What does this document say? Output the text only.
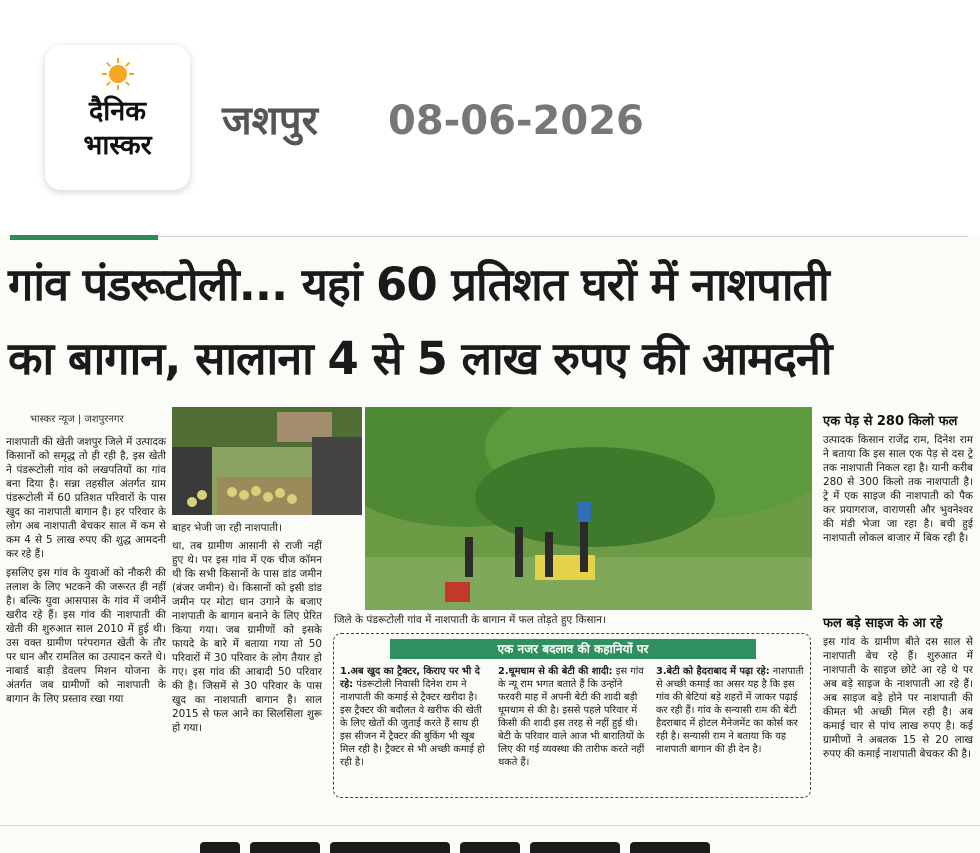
दैनिक
भास्कर
जशपुर 08-06-2026
गांव पंडरूटोली... यहां 60 प्रतिशत घरों में नाशपाती
का बागान, सालाना 4 से 5 लाख रुपए की आमदनी
भास्कर न्यूज | जशपुरनगर

नाशपाती की खेती जशपुर जिले में उत्पादक किसानों को समृद्ध तो ही रही है, इस खेती ने पंडरूटोली गांव को लखपतियों का गांव बना दिया है। सन्ना तहसील अंतर्गत ग्राम पंडरूटोली में 60 प्रतिशत परिवारों के पास खुद का नाशपाती बागान है। हर परिवार के लोग अब नाशपाती बेचकर साल में कम से कम 4 से 5 लाख रुपए की शुद्ध आमदनी कर रहे हैं।

इसलिए इस गांव के युवाओं को नौकरी की तलाश के लिए भटकने की जरूरत ही नहीं है। बल्कि युवा आसपास के गांव में जमीनें खरीद रहे हैं। इस गांव की नाशपाती की खेती की शुरुआत साल 2010 में हुई थी। उस वक्त ग्रामीण परंपरागत खेती के तौर पर धान और रामतिल का उत्पादन करते थे। नाबार्ड बाड़ी डेवलप मिशन योजना के अंतर्गत जब ग्रामीणों को नाशपाती के बागान के लिए प्रस्ताव रखा गया

बाहर भेजी जा रही नाशपाती।
जिले के पंडरूटोली गांव में नाशपाती के बागान में फल तोड़ते हुए किसान।

था, तब ग्रामीण आसानी से राजी नहीं हुए थे। पर इस गांव में एक चीज कॉमन थी कि सभी किसानों के पास डांड जमीन (बंजर जमीन) थे। किसानों को इसी डांड जमीन पर मोटा धान उगाने के बजाए नाशपाती के बागान बनाने के लिए प्रेरित किया गया। जब ग्रामीणों को इसके फायदे के बारे में बताया गया तो 50 परिवारों में 30 परिवार के लोग तैयार हो गए। इस गांव की आबादी 50 परिवार की है। जिसमें से 30 परिवार के पास खुद का नाशपाती बागान है। साल 2015 से फल आने का सिलसिला शुरू हो गया।

एक पेड़ से 280 किलो फल

उत्पादक किसान राजेंद्र राम, दिनेश राम ने बताया कि इस साल एक पेड़ से दस ट्रे तक नाशपाती निकल रहा है। यानी करीब 280 से 300 किलो तक नाशपाती है। ट्रे में एक साइज की नाशपाती को पैक कर प्रयागराज, वाराणसी और भुवनेश्वर की मंडी भेजा जा रहा है। बची हुई नाशपाती लोकल बाजार में बिक रही है।

फल बड़े साइज के आ रहे

इस गांव के ग्रामीण बीते दस साल से नाशपाती बेच रहे हैं। शुरुआत में नाशपाती के साइज छोटे आ रहे थे पर अब बड़े साइज के नाशपाती आ रहे हैं। अब साइज बड़े होने पर नाशपाती की कीमत भी अच्छी मिल रही है। अब कमाई चार से पांच लाख रुपए है। कई ग्रामीणों ने अबतक 15 से 20 लाख रुपए की कमाई नाशपाती बेचकर की है।

एक नजर बदलाव की कहानियों पर
1.अब खुद का ट्रैक्टर, किराए पर भी दे रहे: पंडरूटोली निवासी दिनेश राम ने नाशपाती की कमाई से ट्रैक्टर खरीदा है। इस ट्रैक्टर की बदौलत वे खरीफ की खेती के लिए खेतों की जुताई करते हैं साथ ही इस सीजन में ट्रैक्टर की बुकिंग भी खूब मिल रही है। ट्रैक्टर से भी अच्छी कमाई हो रही है।
2.धूमधाम से की बेटी की शादी: इस गांव के न्यू राम भगत बताते हैं कि उन्होंने फरवरी माह में अपनी बेटी की शादी बड़ी धूमधाम से की है। इससे पहले परिवार में किसी की शादी इस तरह से नहीं हुई थी। बेटी के परिवार वाले आज भी बारातियों के लिए की गई व्यवस्था की तारीफ करते नहीं थकते हैं।
3.बेटी को हैदराबाद में पढ़ा रहे: नाशपाती से अच्छी कमाई का असर यह है कि इस गांव की बेटियां बड़े शहरों में जाकर पढ़ाई कर रही हैं। गांव के सन्यासी राम की बेटी हैदराबाद में होटल मैनेजमेंट का कोर्स कर रही है। सन्यासी राम ने बताया कि यह नाशपाती बागान की ही देन है।
